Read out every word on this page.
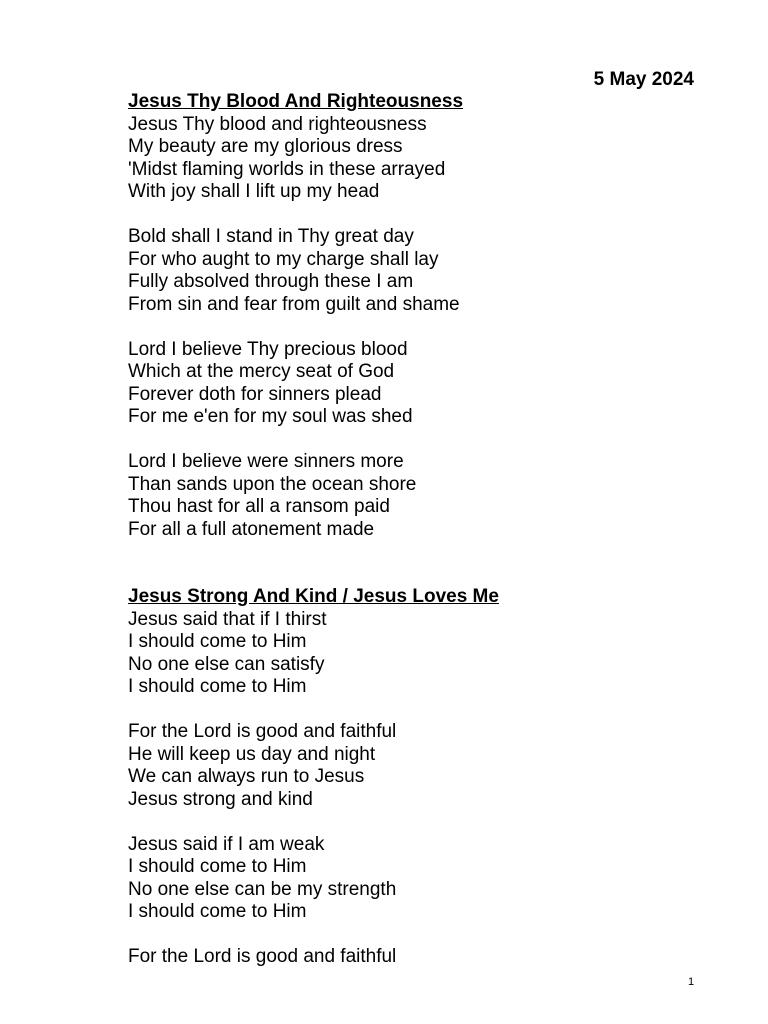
5 May 2024
Jesus Thy Blood And Righteousness
Jesus Thy blood and righteousness
My beauty are my glorious dress
'Midst flaming worlds in these arrayed
With joy shall I lift up my head
Bold shall I stand in Thy great day
For who aught to my charge shall lay
Fully absolved through these I am
From sin and fear from guilt and shame
Lord I believe Thy precious blood
Which at the mercy seat of God
Forever doth for sinners plead
For me e'en for my soul was shed
Lord I believe were sinners more
Than sands upon the ocean shore
Thou hast for all a ransom paid
For all a full atonement made
Jesus Strong And Kind / Jesus Loves Me
Jesus said that if I thirst
I should come to Him
No one else can satisfy
I should come to Him
For the Lord is good and faithful
He will keep us day and night
We can always run to Jesus
Jesus strong and kind
Jesus said if I am weak
I should come to Him
No one else can be my strength
I should come to Him
For the Lord is good and faithful
1
